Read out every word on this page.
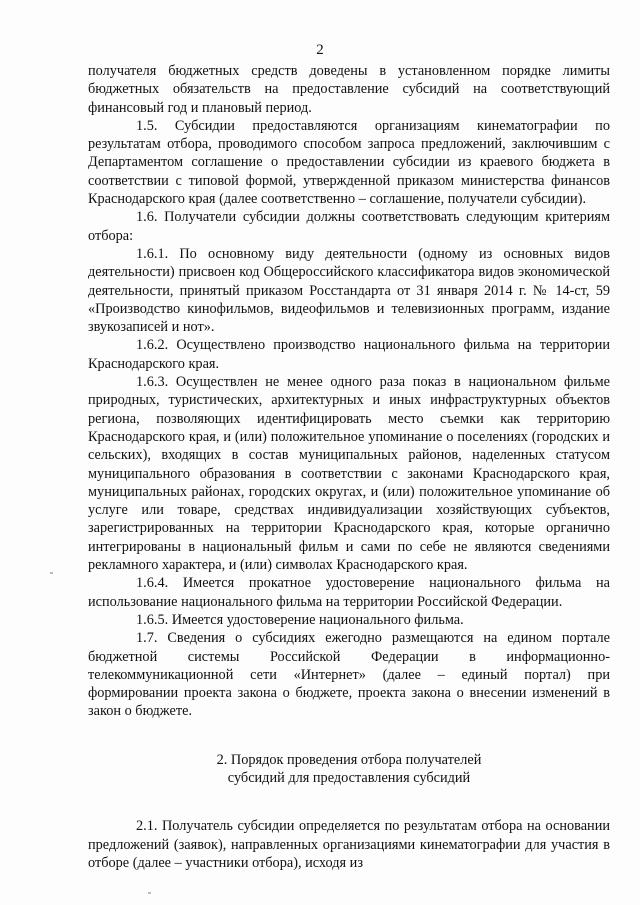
2

получателя бюджетных средств доведены в установленном порядке лимиты бюджетных обязательств на предоставление субсидий на соответствующий финансовый год и плановый период.

1.5. Субсидии предоставляются организациям кинематографии по результатам отбора, проводимого способом запроса предложений, заключившим с Департаментом соглашение о предоставлении субсидии из краевого бюджета в соответствии с типовой формой, утвержденной приказом министерства финансов Краснодарского края (далее соответственно – соглашение, получатели субсидии).

1.6. Получатели субсидии должны соответствовать следующим критериям отбора:

1.6.1. По основному виду деятельности (одному из основных видов деятельности) присвоен код Общероссийского классификатора видов экономической деятельности, принятый приказом Росстандарта от 31 января 2014 г. № 14-ст, 59 «Производство кинофильмов, видеофильмов и телевизионных программ, издание звукозаписей и нот».

1.6.2. Осуществлено производство национального фильма на территории Краснодарского края.

1.6.3. Осуществлен не менее одного раза показ в национальном фильме природных, туристических, архитектурных и иных инфраструктурных объектов региона, позволяющих идентифицировать место съемки как территорию Краснодарского края, и (или) положительное упоминание о поселениях (городских и сельских), входящих в состав муниципальных районов, наделенных статусом муниципального образования в соответствии с законами Краснодарского края, муниципальных районах, городских округах, и (или) положительное упоминание об услуге или товаре, средствах индивидуализации хозяйствующих субъектов, зарегистрированных на территории Краснодарского края, которые органично интегрированы в национальный фильм и сами по себе не являются сведениями рекламного характера, и (или) символах Краснодарского края.

1.6.4. Имеется прокатное удостоверение национального фильма на использование национального фильма на территории Российской Федерации.

1.6.5. Имеется удостоверение национального фильма.

1.7. Сведения о субсидиях ежегодно размещаются на едином портале бюджетной системы Российской Федерации в информационно-телекоммуникационной сети «Интернет» (далее – единый портал) при формировании проекта закона о бюджете, проекта закона о внесении изменений в закон о бюджете.

2. Порядок проведения отбора получателей

субсидий для предоставления субсидий

2.1. Получатель субсидии определяется по результатам отбора на основании предложений (заявок), направленных организациями кинематографии для участия в отборе (далее – участники отбора), исходя из
